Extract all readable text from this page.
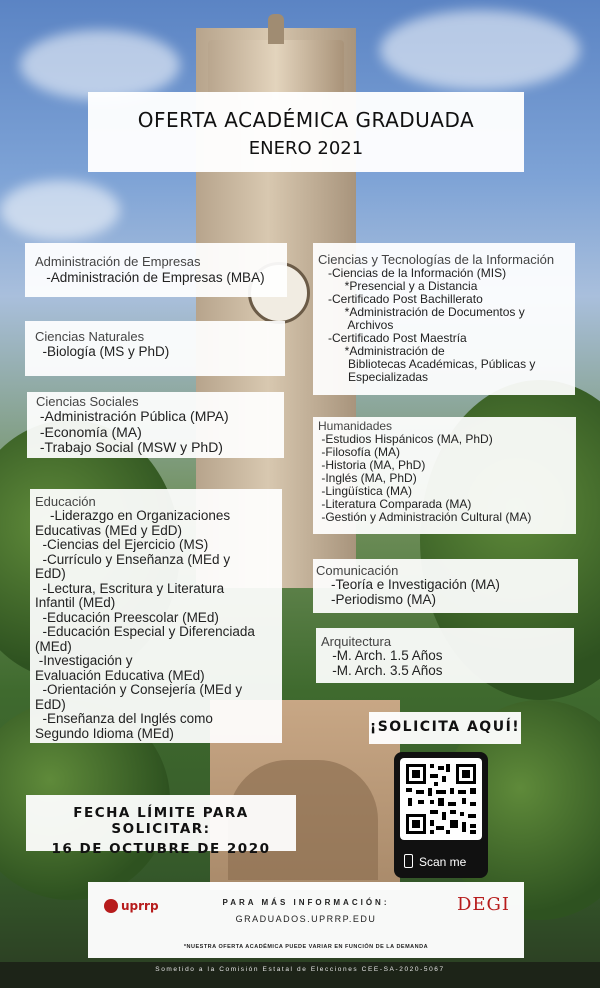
OFERTA ACADÉMICA GRADUADA
ENERO 2021
Administración de Empresas
-Administración de Empresas (MBA)
Ciencias Naturales
-Biología (MS y PhD)
Ciencias Sociales
-Administración Pública (MPA)
-Economía (MA)
-Trabajo Social (MSW y PhD)
Educación
-Liderazgo en Organizaciones
Educativas (MEd y EdD)
-Ciencias del Ejercicio (MS)
-Currículo y Enseñanza (MEd y
EdD)
-Lectura, Escritura y Literatura
Infantil (MEd)
-Educación Preescolar (MEd)
-Educación Especial y Diferenciada
(MEd)
-Investigación y
Evaluación Educativa (MEd)
-Orientación y Consejería (MEd y
EdD)
-Enseñanza del Inglés como
Segundo Idioma (MEd)
Ciencias y Tecnologías de la Información
-Ciencias de la Información (MIS)
*Presencial y a Distancia
-Certificado Post Bachillerato
*Administración de Documentos y
Archivos
-Certificado Post Maestría
*Administración de
Bibliotecas Académicas, Públicas y
Especializadas
Humanidades
-Estudios Hispánicos (MA, PhD)
-Filosofía (MA)
-Historia (MA, PhD)
-Inglés (MA, PhD)
-Lingüística (MA)
-Literatura Comparada (MA)
-Gestión y Administración Cultural (MA)
Comunicación
-Teoría e Investigación (MA)
-Periodismo (MA)
Arquitectura
-M. Arch. 1.5 Años
-M. Arch. 3.5 Años
¡SOLICITA AQUÍ!
Scan me
FECHA LÍMITE PARA SOLICITAR:
16 DE OCTUBRE DE 2020
uprrp	PARA MÁS INFORMACIÓN:
GRADUADOS.UPRRP.EDU
*NUESTRA OFERTA ACADÉMICA PUEDE VARIAR EN FUNCIÓN DE LA DEMANDA
DEGI
Sometido a la Comisión Estatal de Elecciones CEE-SA-2020-5067
